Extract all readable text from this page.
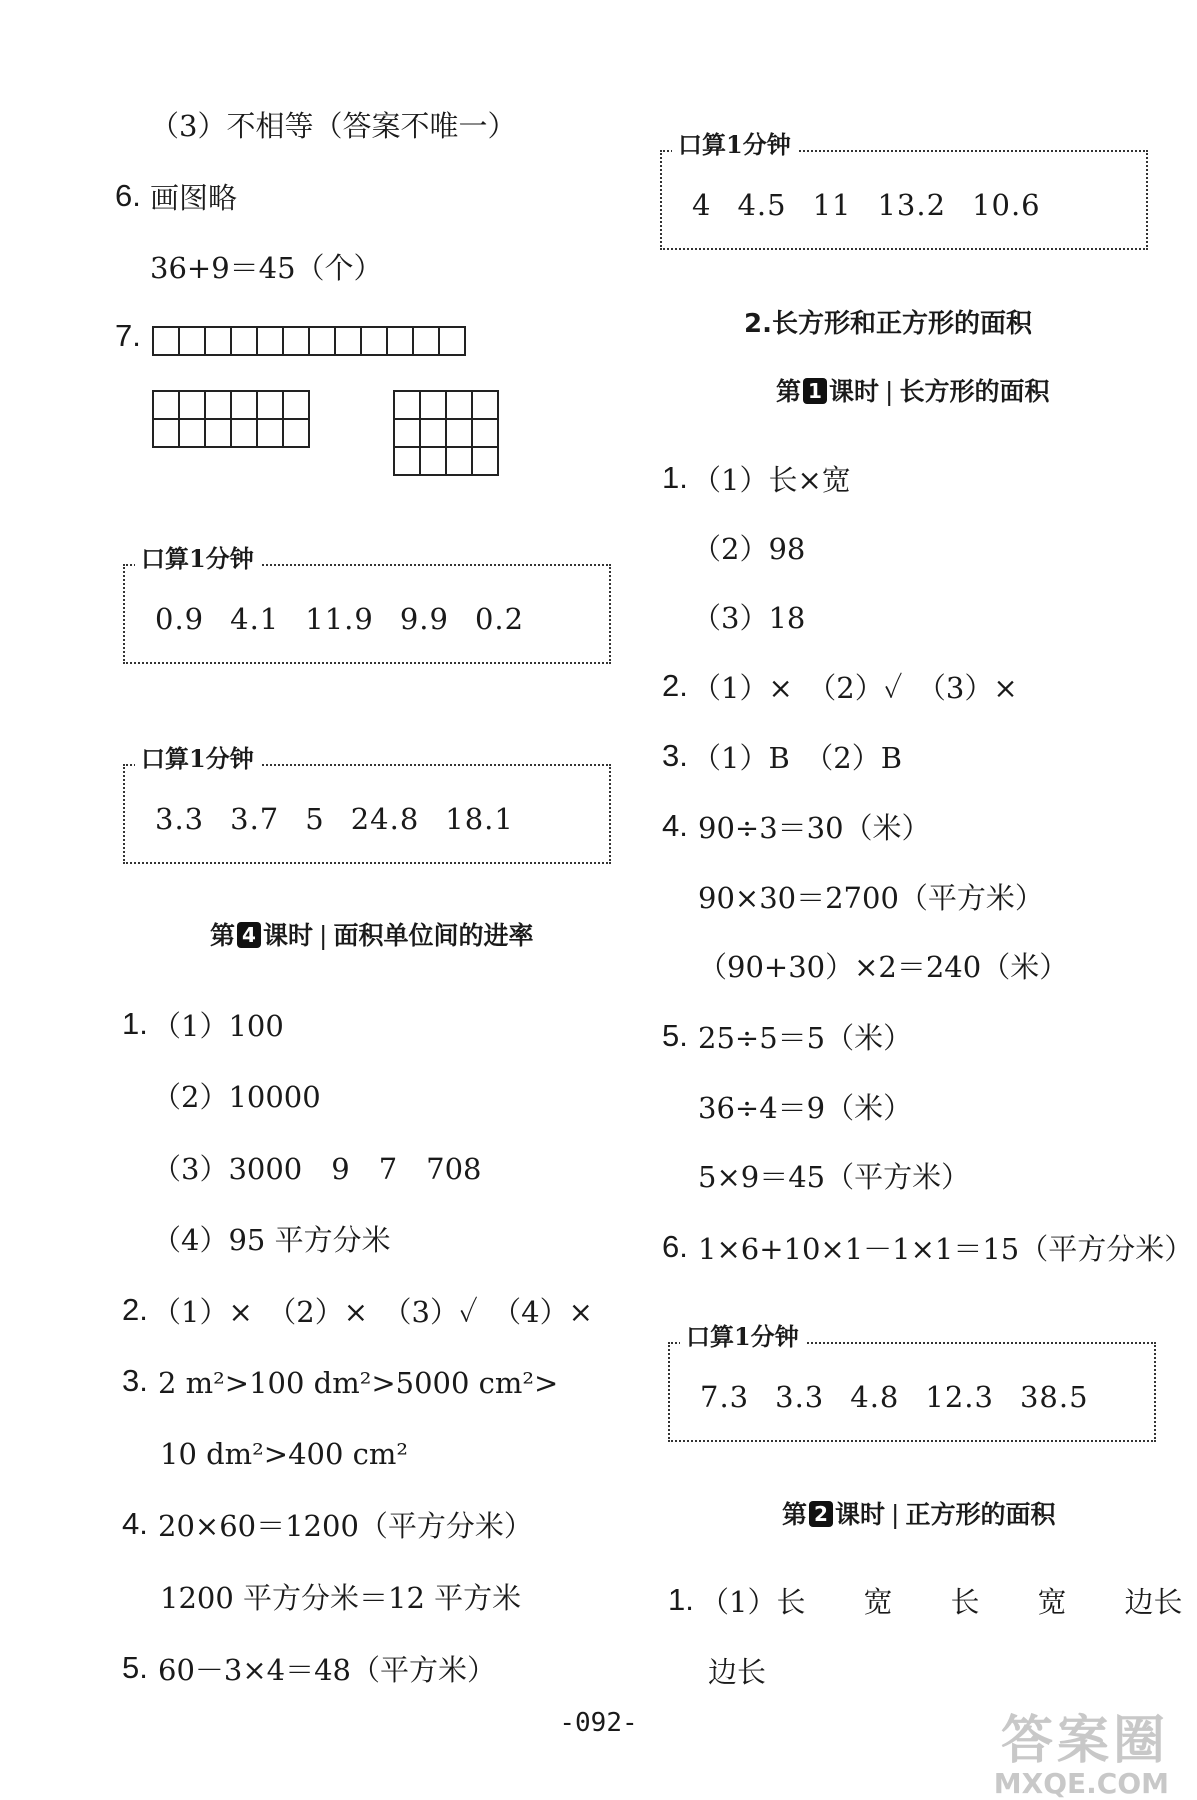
（3）不相等（答案不唯一）
6. 画图略
36+9＝45（个）
7.

口算1分钟
0.9 4.1 11.9 9.9 0.2
口算1分钟
3.3 3.7 5 24.8 18.1
第 4 课时 | 面积单位间的进率
1. （1）100
（2）10000
（3）3000　9　7　708
（4）95 平方分米
2. （1）×　（2）×　（3）✓　（4）×
3. 2 m²>100 dm²>5000 cm²>
10 dm²>400 cm²
4. 20×60＝1200（平方分米）
1200 平方分米＝12 平方米
5. 60－3×4＝48（平方米）
口算1分钟
4 4.5 11 13.2 10.6
2.长方形和正方形的面积
第 1 课时 | 长方形的面积
1. （1）长×宽
（2）98
（3）18
2. （1）×　（2）✓　（3）×
3. （1）B　（2）B
4. 90÷3＝30（米）
90×30＝2700（平方米）
（90+30）×2＝240（米）
5. 25÷5＝5（米）
36÷4＝9（米）
5×9＝45（平方米）
6. 1×6+10×1－1×1＝15（平方分米）
口算1分钟
7.3 3.3 4.8 12.3 38.5
第 2 课时 | 正方形的面积
1. （1）长　　宽　　长　　宽　　边长
边长
-092-	答案圈
MXQE.COM
